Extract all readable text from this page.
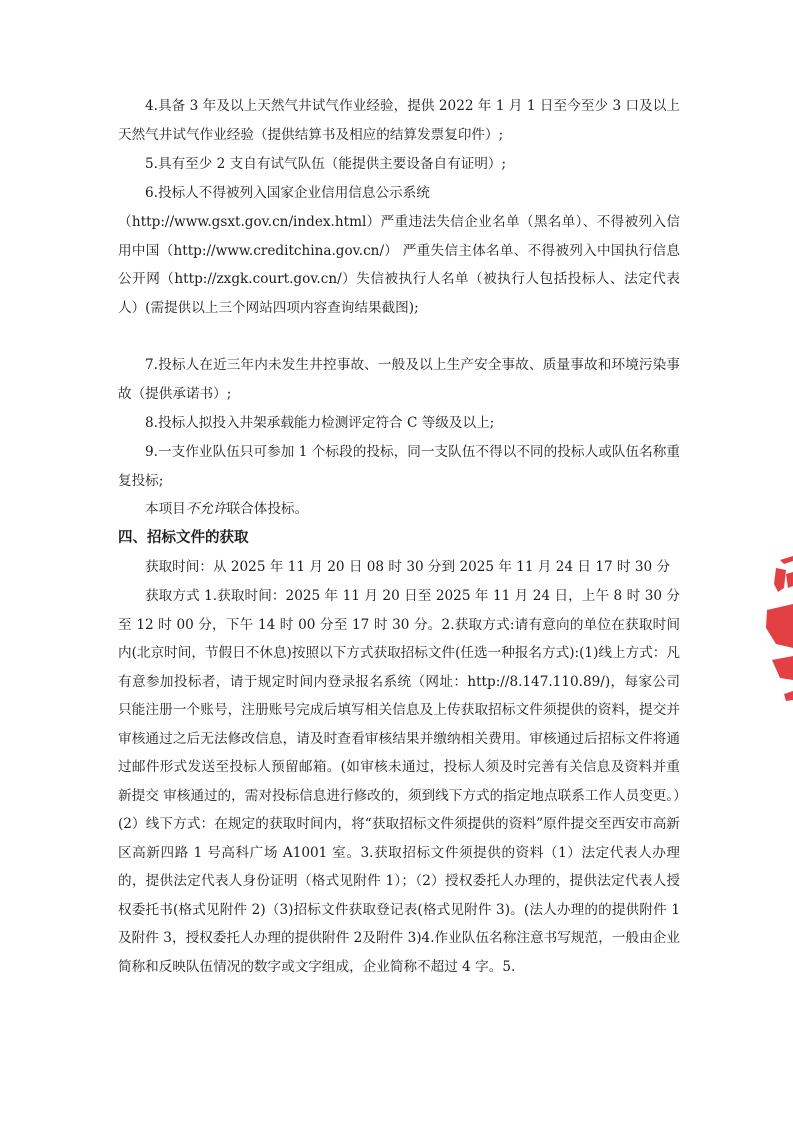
4.具备 3 年及以上天然气井试气作业经验，提供 2022 年 1 月 1 日至今至少 3 口及以上天然气井试气作业经验（提供结算书及相应的结算发票复印件）;

5.具有至少 2 支自有试气队伍（能提供主要设备自有证明）;

6.投标人不得被列入国家企业信用信息公示系统

（http://www.gsxt.gov.cn/index.html）严重违法失信企业名单（黑名单）、不得被列入信用中国（http://www.creditchina.gov.cn/） 严重失信主体名单、不得被列入中国执行信息公开网（http://zxgk.court.gov.cn/）失信被执行人名单（被执行人包括投标人、法定代表人）(需提供以上三个网站四项内容查询结果截图);

7.投标人在近三年内未发生井控事故、一般及以上生产安全事故、质量事故和环境污染事故（提供承诺书）;

8.投标人拟投入井架承载能力检测评定符合 C 等级及以上;

9.一支作业队伍只可参加 1 个标段的投标，同一支队伍不得以不同的投标人或队伍名称重复投标;

本项目不允许联合体投标。

四、招标文件的获取

获取时间：从 2025 年 11 月 20 日 08 时 30 分到 2025 年 11 月 24 日 17 时 30 分

获取方式 1.获取时间：2025 年 11 月 20 日至 2025 年 11 月 24 日，上午 8 时 30 分至 12 时 00 分，下午 14 时 00 分至 17 时 30 分。2.获取方式:请有意向的单位在获取时间内(北京时间，节假日不休息)按照以下方式获取招标文件(任选一种报名方式):(1)线上方式：凡有意参加投标者，请于规定时间内登录报名系统（网址：http://8.147.110.89/)，每家公司只能注册一个账号，注册账号完成后填写相关信息及上传获取招标文件须提供的资料，提交并审核通过之后无法修改信息，请及时查看审核结果并缴纳相关费用。审核通过后招标文件将通过邮件形式发送至投标人预留邮箱。(如审核未通过，投标人须及时完善有关信息及资料并重新提交 审核通过的，需对投标信息进行修改的，须到线下方式的指定地点联系工作人员变更。）(2）线下方式：在规定的获取时间内，将“获取招标文件须提供的资料”原件提交至西安市高新区高新四路 1 号高科广场 A1001 室。3.获取招标文件须提供的资料（1）法定代表人办理的，提供法定代表人身份证明（格式见附件 1）；（2）授权委托人办理的，提供法定代表人授权委托书(格式见附件 2)（3)招标文件获取登记表(格式见附件 3)。(法人办理的的提供附件 1及附件 3，授权委托人办理的提供附件 2及附件 3)4.作业队伍名称注意书写规范，一般由企业简称和反映队伍情况的数字或文字组成，企业简称不超过 4 字。5.
